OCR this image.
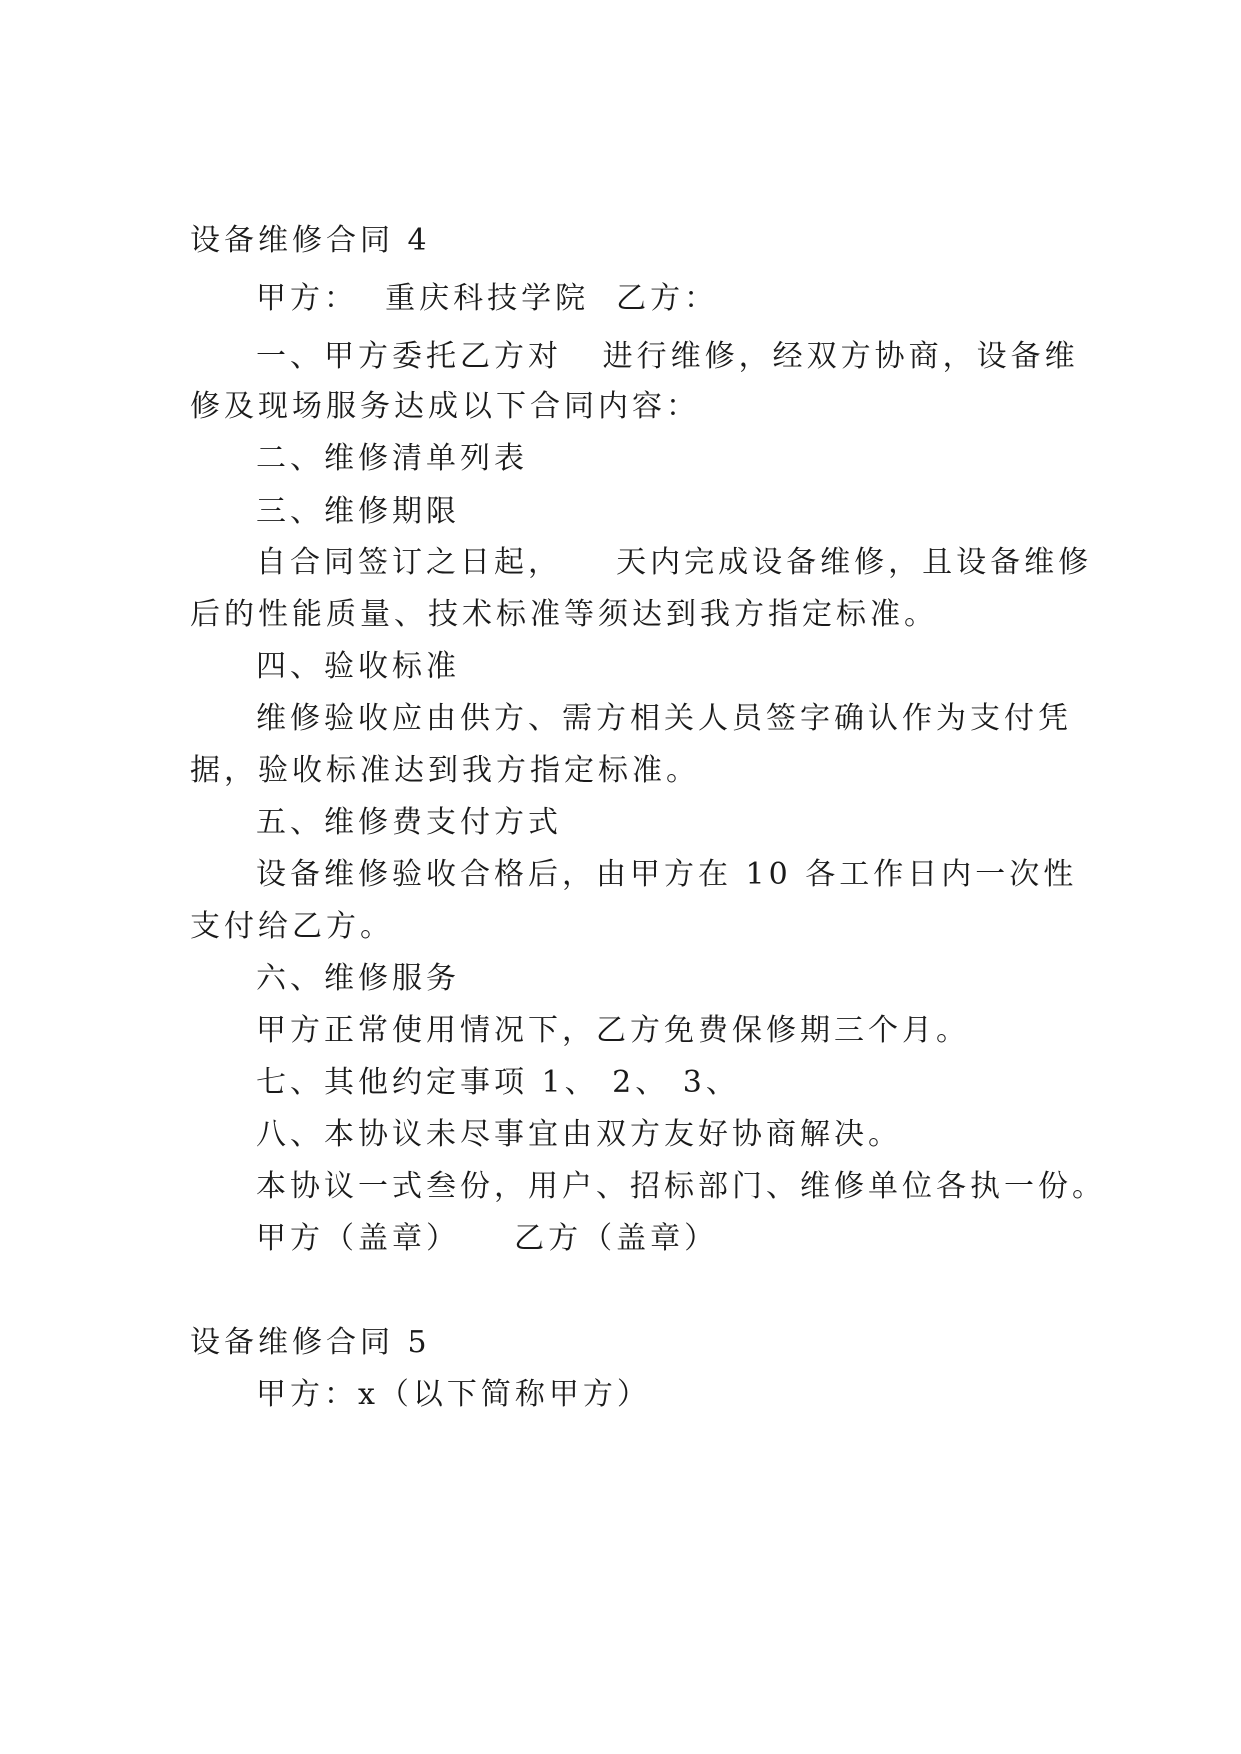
设备维修合同 4
甲方：  重庆科技学院  乙方：
一、甲方委托乙方对   进行维修，经双方协商，设备维
修及现场服务达成以下合同内容：
二、维修清单列表
三、维修期限
自合同签订之日起，    天内完成设备维修，且设备维修
后的性能质量、技术标准等须达到我方指定标准。
四、验收标准
维修验收应由供方、需方相关人员签字确认作为支付凭
据，验收标准达到我方指定标准。
五、维修费支付方式
设备维修验收合格后，由甲方在 10 各工作日内一次性
支付给乙方。
六、维修服务
甲方正常使用情况下，乙方免费保修期三个月。
七、其他约定事项 1、 2、 3、
八、本协议未尽事宜由双方友好协商解决。
本协议一式叁份，用户、招标部门、维修单位各执一份。
甲方（盖章）    乙方（盖章）
设备维修合同 5
甲方：x（以下简称甲方）
